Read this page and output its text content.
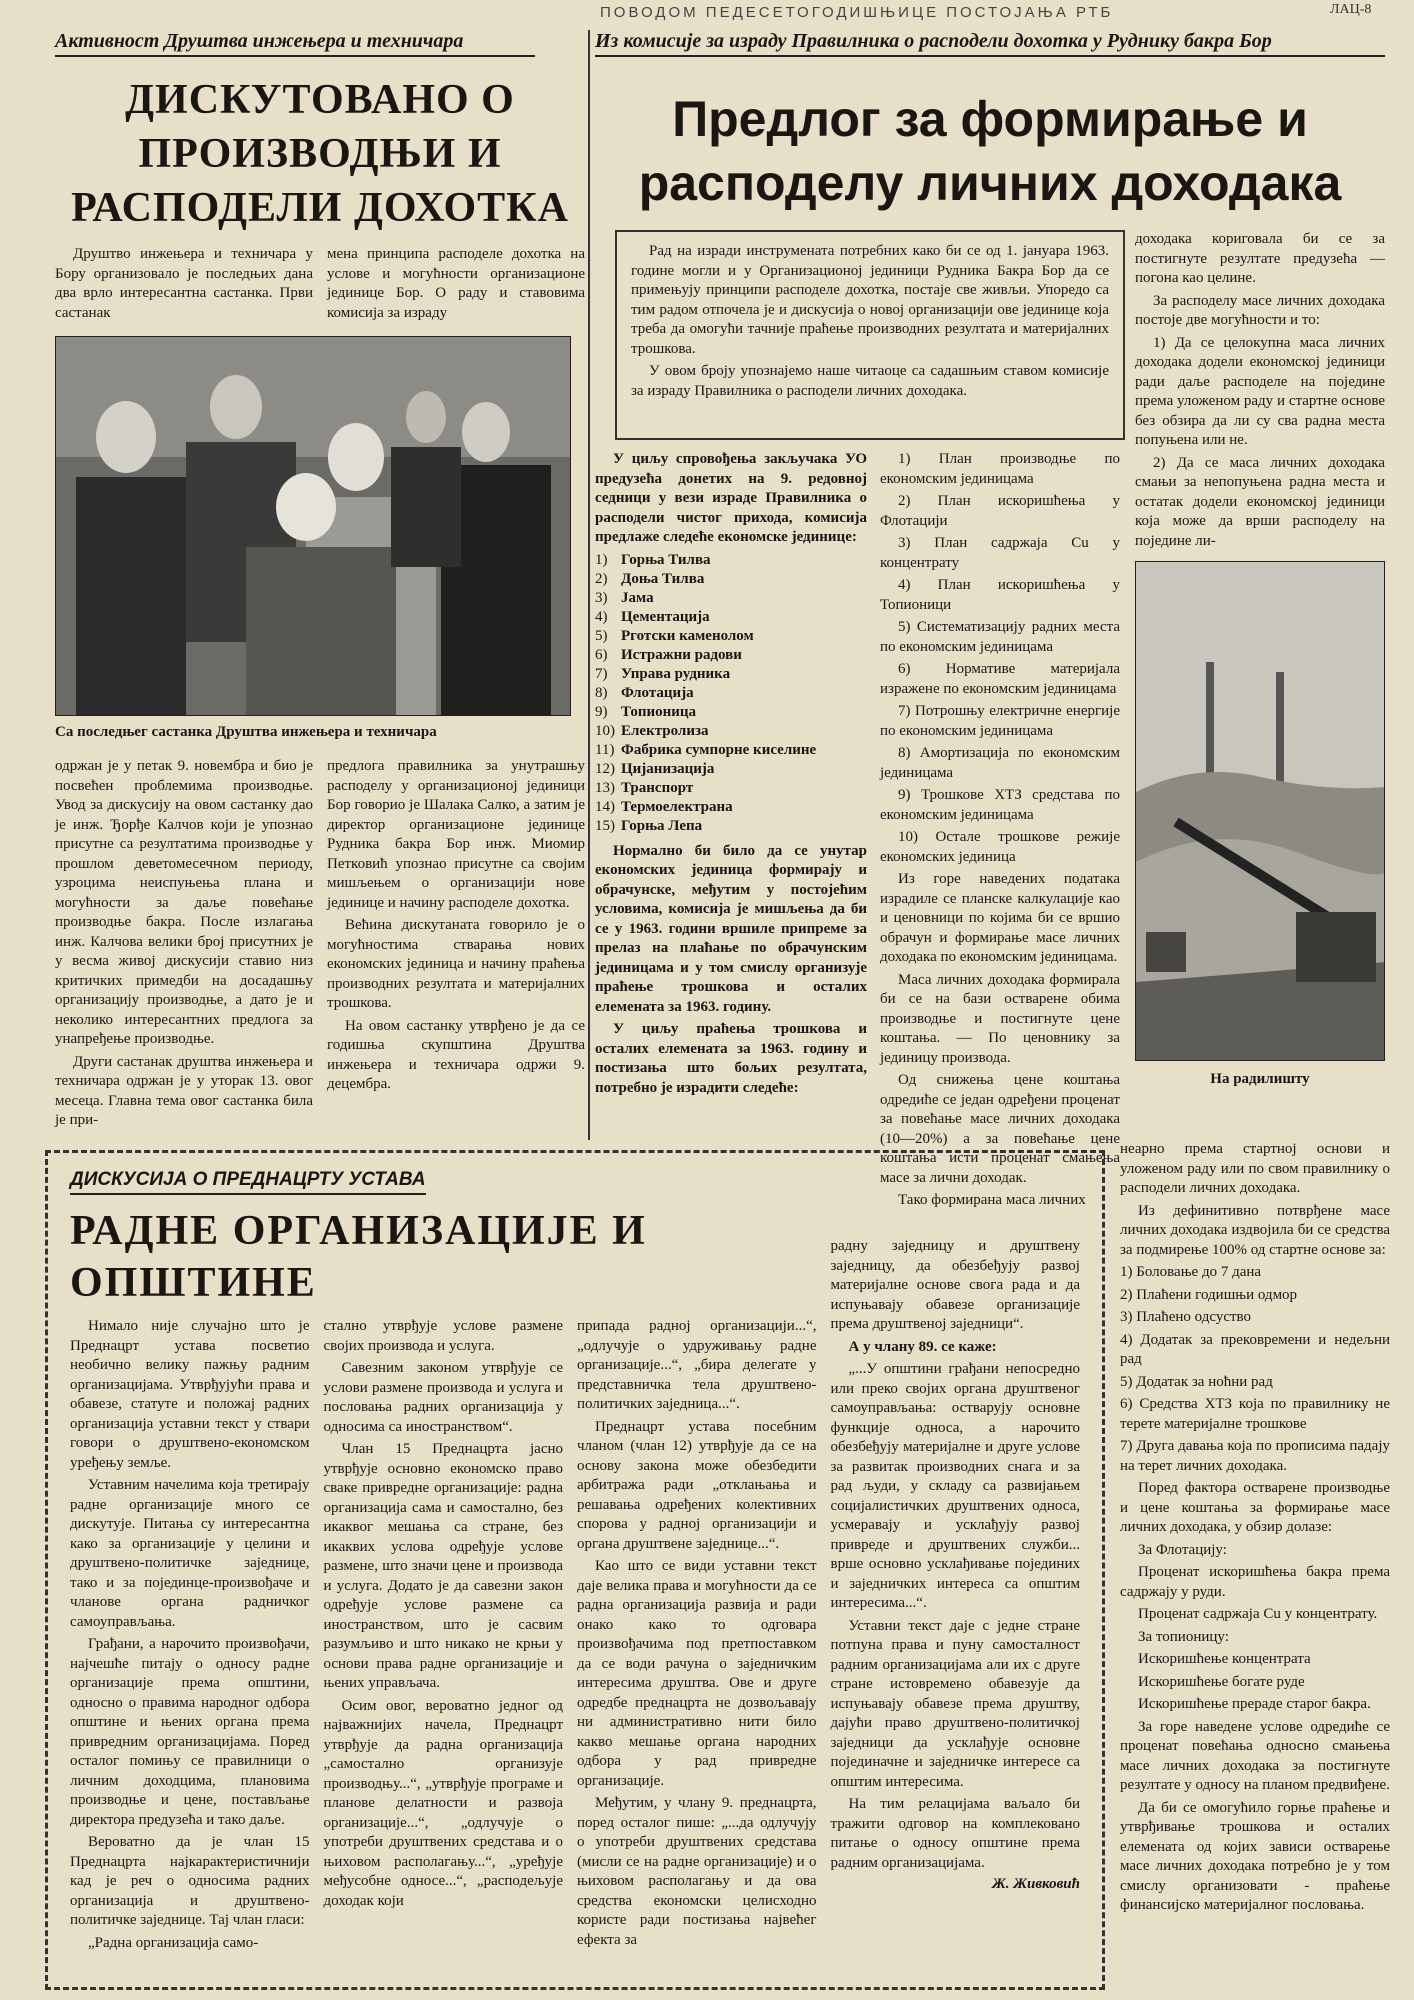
ПОВОДОМ ПЕДЕСЕТОГОДИШЊИЦЕ ПОСТОЈАЊА РТБ	ЛАЦ-8
Активност Друштва инжењера и техничара
ДИСКУТОВАНО О ПРОИЗВОДЊИ И РАСПОДЕЛИ ДОХОТКА

Друштво инжењера и техничара у Бору организовало је последњих дана два врло интересантна састанка. Први састанак

мена принципа расподеле дохотка на услове и могућности организационе јединице Бор. О раду и ставовима комисија за израду

Са последњег састанка Друштва инжењера и техничара

одржан је у петак 9. новембра и био је посвећен проблемима производње. Увод за дискусију на овом састанку дао је инж. Ђорђе Калчов који је упознао присутне са резултатима производње у прошлом деветомесечном периоду, узроцима неиспуњења плана и могућности за даље повећање производње бакра. После излагања инж. Калчова велики број присутних је у весма живој дискусији ставио низ критичких примедби на досадашњу организацију производње, а дато је и неколико интересантних предлога за унапређење производње.

Други састанак друштва инжењера и техничара одржан је у уторак 13. овог месеца. Главна тема овог састанка била је при-

предлога правилника за унутрашњу расподелу у организационој јединици Бор говорио је Шалака Салко, а затим је директор организационе јединице Рудника бакра Бор инж. Миомир Петковић упознао присутне са својим мишљењем о организацији нове јединице и начину расподеле дохотка.

Већина дискутаната говорило је о могућностима стварања нових економских јединица и начину праћења производних резултата и материјалних трошкова.

На овом састанку утврђено је да се годишња скупштина Друштва инжењера и техничара одржи 9. децембра.

Из комисије за израду Правилника о расподели дохотка у Руднику бакра Бор
Предлог за формирање и расподелу личних доходака

Рад на изради инструмената потребних како би се од 1. јануара 1963. године могли и у Организационој јединици Рудника Бакра Бор да се примењују принципи расподеле дохотка, постаје све живљи. Упоредо са тим радом отпочела је и дискусија о новој организацији ове јединице која треба да омогући тачније праћење производних резултата и материјалних трошкова.

У овом броју упознајемо наше читаоце са садашњим ставом комисије за израду Правилника о расподели личних доходака.

У циљу спровођења закључака УО предузећа донетих на 9. редовној седници у вези израде Правилника о расподели чистог прихода, комисија предлаже следеће економске јединице:

1) Горња Тилва
2) Доња Тилва
3) Јама
4) Цементација
5) Рготски каменолом
6) Истражни радови
7) Управа рудника
8) Флотација
9) Топионица
10) Електролиза
11) Фабрика сумпорне киселине
12) Цијанизација
13) Транспорт
14) Термоелектрана
15) Горња Лепа

Нормално би било да се унутар економских јединица формирају и обрачунске, међутим у постојећим условима, комисија је мишљења да би се у 1963. години вршиле припреме за прелаз на плаћање по обрачунским јединицама и у том смислу организује праћење трошкова и осталих елемената за 1963. годину.

У циљу праћења трошкова и осталих елемената за 1963. годину и постизања што бољих резултата, потребно је израдити следеће:

1) План производње по економским јединицама

2) План искоришћења у Флотацији

3) План садржаја Cu у концентрату

4) План искоришћења у Топионици

5) Систематизацију радних места по економским јединицама

6) Нормативе материјала изражене по економским јединицама

7) Потрошњу електричне енергије по економским јединицама

8) Амортизација по економским јединицама

9) Трошкове ХТЗ средстава по економским јединицама

10) Остале трошкове режије економских јединица

Из горе наведених података израдиле се планске калкулације као и ценовници по којима би се вршио обрачун и формирање масе личних доходака по економским јединицама.

Маса личних доходака формирала би се на бази остварене обима производње и постигнуте цене коштања. — По ценовнику за јединицу производа.

Од снижења цене коштања одредиће се један одређени проценат за повећање масе личних доходака (10—20%) а за повећање цене коштања исти проценат смањења масе за лични доходак.

Тако формирана маса личних

доходака кориговала би се за постигнуте резултате предузећа — погона као целине.

За расподелу масе личних доходака постоје две могућности и то:

1) Да се целокупна маса личних доходака додели економској јединици ради даље расподеле на поједине према уложеном раду и стартне основе без обзира да ли су сва радна места попуњена или не.

2) Да се маса личних доходака смањи за непопуњена радна места и остатак додели економској јединици која може да врши расподелу на поједине ли-

На радилишту
ДИСКУСИЈА О ПРЕДНАЦРТУ УСТАВА
РАДНЕ ОРГАНИЗАЦИЈЕ И ОПШТИНЕ

Нимало није случајно што је Преднацрт устава посветио необично велику пажњу радним организацијама. Утврђујући права и обавезе, статуте и положај радних организација уставни текст у ствари говори о друштвено-економском уређењу земље.

Уставним начелима која третирају радне организације много се дискутује. Питања су интересантна како за организације у целини и друштвено-политичке заједнице, тако и за појединце-произвођаче и чланове органа радничког самоуправљања.

Грађани, а нарочито произвођачи, најчешће питају о односу радне организације према општини, односно о правима народног одбора општине и њених органа према привредним организацијама. Поред осталог помињу се правилници о личним доходцима, плановима производње и цене, постављање директора предузећа и тако даље.

Вероватно да је члан 15 Преднацрта најкарактеристичнији кад је реч о односима радних организација и друштвено-политичке заједнице. Тај члан гласи:

„Радна организација само-

стално утврђује услове размене својих производа и услуга.

Савезним законом утврђује се услови размене производа и услуга и пословања радних организација у односима са иностранством“.

Члан 15 Преднацрта јасно утврђује основно економско право сваке привредне организације: радна организација сама и самостално, без икаквог мешања са стране, без икаквих услова одређује услове размене, што значи цене и производа и услуга. Додато је да савезни закон одређује услове размене са иностранством, што је сасвим разумљиво и што никако не крњи у основи права радне организације и њених управљача.

Осим овог, вероватно једног од најважнијих начела, Преднацрт утврђује да радна организација „самостално организује производњу...“, „утврђује програме и планове делатности и развоја организације...“, „одлучује о употреби друштвених средстава и о њиховом располагању...“, „уређује међусобне односе...“, „расподељује доходак који

припада радној организацији...“, „одлучује о удруживању радне организације...“, „бира делегате у представничка тела друштвено-политичких заједница...“.

Преднацрт устава посебним чланом (члан 12) утврђује да се на основу закона може обезбедити арбитража ради „отклањања и решавања одређених колективних спорова у радној организацији и органа друштвене заједнице...“.

Као што се види уставни текст даје велика права и могућности да се радна организација развија и ради онако како то одговара произвођачима под претпоставком да се води рачуна о заједничким интересима друштва. Ове и друге одредбе преднацрта не дозвољавају ни административно нити било какво мешање органа народних одбора у рад привредне организације.

Међутим, у члану 9. преднацрта, поред осталог пише: „...да одлучују о употреби друштвених средстава (мисли се на радне организације) и о њиховом располагању и да ова средства економски целисходно користе ради постизања највећег ефекта за

радну заједницу и друштвену заједницу, да обезбеђују развој материјалне основе свога рада и да испуњавају обавезе организације према друштвеној заједници“.

А у члану 89. се каже:

„...У општини грађани непосредно или преко својих органа друштвеног самоуправљања: остварују основне функције односа, а нарочито обезбеђују материјалне и друге услове за развитак производних снага и за рад људи, у складу са развијањем социјалистичких друштвених односа, усмеравају и усклађују развој привреде и друштвених служби... врше основно усклађивање појединих и заједничких интереса са општим интересима...“.

Уставни текст даје с једне стране потпуна права и пуну самосталност радним организацијама али их с друге стране истовремено обавезује да испуњавају обавезе према друштву, дајући право друштвено-политичкој заједници да усклађује основне појединачне и заједничке интересе са општим интересима.

На тим релацијама ваљало би тражити одговор на комплековано питање о односу општине према радним организацијама.

Ж. Живковић

неарно према стартној основи и уложеном раду или по свом правилнику о расподели личних доходака.

Из дефинитивно потврђене масе личних доходака издвојила би се средства за подмирење 100% од стартне основе за:

1) Боловање до 7 дана

2) Плаћени годишњи одмор

3) Плаћено одсуство

4) Додатак за прековремени и недељни рад

5) Додатак за ноћни рад

6) Средства ХТЗ која по правилнику не терете материјалне трошкове

7) Друга давања која по прописима падају на терет личних доходака.

Поред фактора остварене производње и цене коштања за формирање масе личних доходака, у обзир долазе:

За Флотацију:

Проценат искоришћења бакра према садржају у руди.

Проценат садржаја Cu у концентрату.

За топионицу:

Искоришћење концентрата

Искоришћење богате руде

Искоришћење прераде старог бакра.

За горе наведене услове одредиће се проценат повећања односно смањења масе личних доходака за постигнуте резултате у односу на планом предвиђене.

Да би се омогућило горње праћење и утврђивање трошкова и осталих елемената од којих зависи остварење масе личних доходака потребно је у том смислу организовати - праћење финансијско материјалног пословања.
